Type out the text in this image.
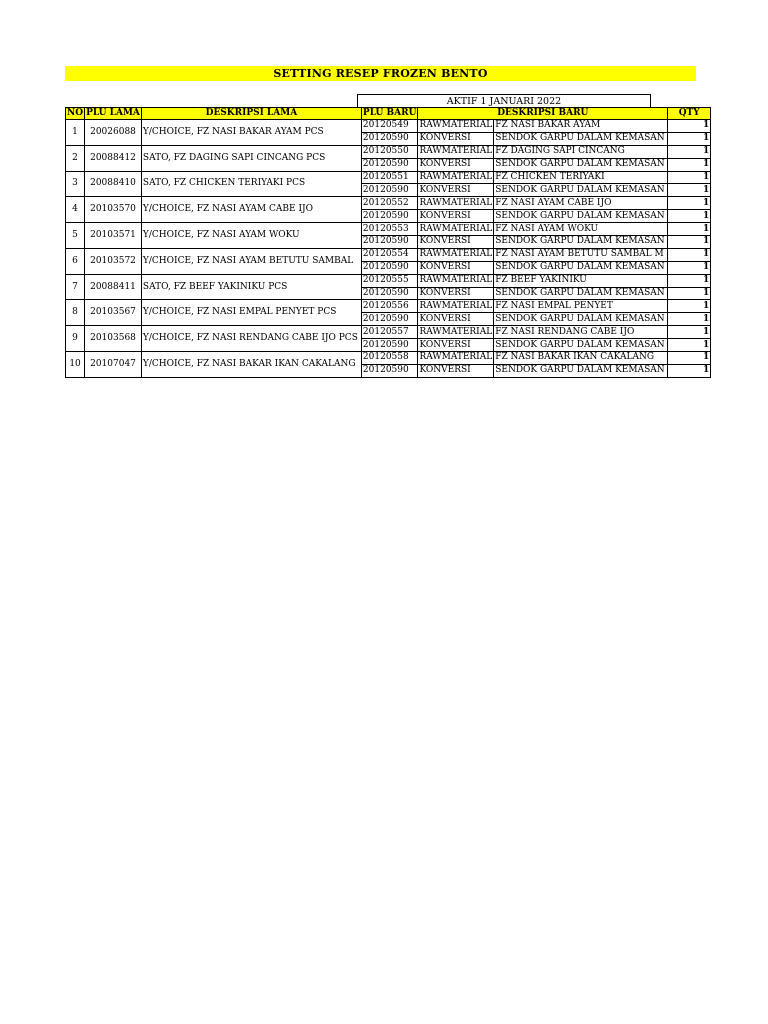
SETTING RESEP FROZEN BENTO
AKTIF 1 JANUARI 2022
NO	PLU LAMA	DESKRIPSI LAMA	PLU BARU	DESKRIPSI BARU		QTY
1	20026088	Y/CHOICE, FZ NASI BAKAR AYAM PCS	20120549	RAWMATERIAL	FZ NASI BAKAR AYAM	1
			20120590	KONVERSI	SENDOK GARPU DALAM KEMASAN	1
2	20088412	SATO, FZ DAGING SAPI CINCANG PCS	20120550	RAWMATERIAL	FZ DAGING SAPI CINCANG	1
			20120590	KONVERSI	SENDOK GARPU DALAM KEMASAN	1
3	20088410	SATO, FZ CHICKEN TERIYAKI PCS	20120551	RAWMATERIAL	FZ CHICKEN TERIYAKI	1
			20120590	KONVERSI	SENDOK GARPU DALAM KEMASAN	1
4	20103570	Y/CHOICE, FZ NASI AYAM CABE IJO	20120552	RAWMATERIAL	FZ NASI AYAM CABE IJO	1
			20120590	KONVERSI	SENDOK GARPU DALAM KEMASAN	1
5	20103571	Y/CHOICE, FZ NASI AYAM WOKU	20120553	RAWMATERIAL	FZ NASI AYAM WOKU	1
			20120590	KONVERSI	SENDOK GARPU DALAM KEMASAN	1
6	20103572	Y/CHOICE, FZ NASI AYAM BETUTU SAMBAL	20120554	RAWMATERIAL	FZ NASI AYAM BETUTU SAMBAL M	1
			20120590	KONVERSI	SENDOK GARPU DALAM KEMASAN	1
7	20088411	SATO, FZ BEEF YAKINIKU PCS	20120555	RAWMATERIAL	FZ BEEF YAKINIKU	1
			20120590	KONVERSI	SENDOK GARPU DALAM KEMASAN	1
8	20103567	Y/CHOICE, FZ NASI EMPAL PENYET PCS	20120556	RAWMATERIAL	FZ NASI EMPAL PENYET	1
			20120590	KONVERSI	SENDOK GARPU DALAM KEMASAN	1
9	20103568	Y/CHOICE, FZ NASI RENDANG CABE IJO PCS	20120557	RAWMATERIAL	FZ NASI RENDANG CABE IJO	1
			20120590	KONVERSI	SENDOK GARPU DALAM KEMASAN	1
10	20107047	Y/CHOICE, FZ NASI BAKAR IKAN CAKALANG	20120558	RAWMATERIAL	FZ NASI BAKAR IKAN CAKALANG	1
			20120590	KONVERSI	SENDOK GARPU DALAM KEMASAN	1
